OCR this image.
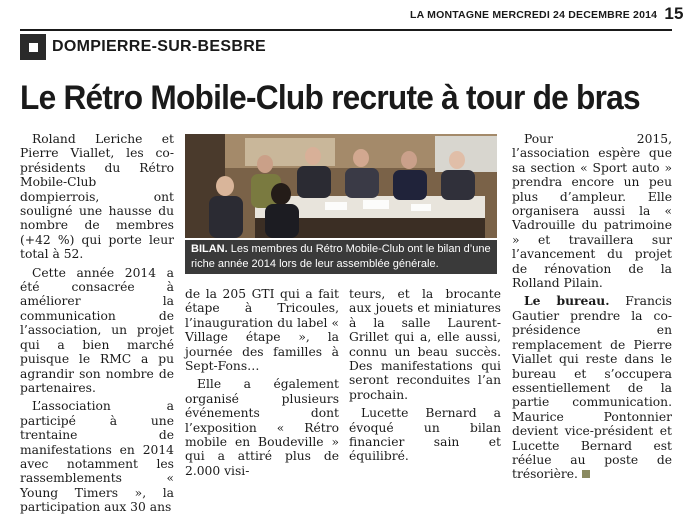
LA MONTAGNE MERCREDI 24 DECEMBRE 2014 15
DOMPIERRE-SUR-BESBRE
Le Rétro Mobile-Club recrute à tour de bras

Roland Leriche et Pierre Viallet, les co-présidents du Rétro Mobile-Club dompierrois, ont souligné une hausse du nombre de membres (+42 %) qui porte leur total à 52.

Cette année 2014 a été consacrée à améliorer la communication de l’association, un projet qui a bien marché puisque le RMC a pu agrandir son nombre de partenaires.

L’association a participé à une trentaine de manifestations en 2014 avec notamment les rassemblements « Young Timers », la participation aux 30 ans

BILAN. Les membres du Rétro Mobile-Club ont le bilan d’une riche année 2014 lors de leur assemblée générale.

de la 205 GTI qui a fait étape à Tricoules, l’inauguration du label « Village étape », la journée des familles à Sept-Fons…

Elle a également organisé plusieurs événements dont l’exposition « Rétro mobile en Boudeville » qui a attiré plus de 2.000 visi-

teurs, et la brocante aux jouets et miniatures à la salle Laurent-Grillet qui a, elle aussi, connu un beau succès. Des manifestations qui seront reconduites l’an prochain.

Lucette Bernard a évoqué un bilan financier sain et équilibré.

Pour 2015, l’association espère que sa section « Sport auto » prendra encore un peu plus d’ampleur. Elle organisera aussi la « Vadrouille du patrimoine » et travaillera sur l’avancement du projet de rénovation de la Rolland Pilain.

Le bureau. Francis Gautier prendre la co-présidence en remplacement de Pierre Viallet qui reste dans le bureau et s’occupera essentiellement de la partie communication. Maurice Pontonnier devient vice-président et Lucette Bernard est réélue au poste de trésorière.
